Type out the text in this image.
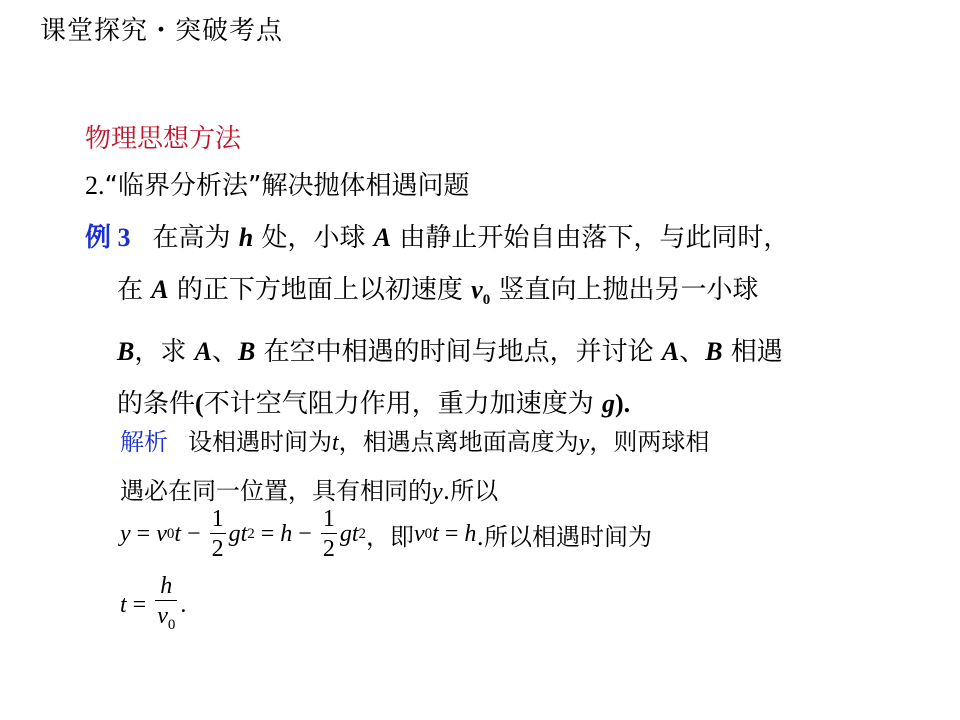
课堂探究・突破考点
物理思想方法
2.“临界分析法”解决抛体相遇问题
例 3 在高为 h 处，小球 A 由静止开始自由落下，与此同时，
在 A 的正下方地面上以初速度 $v_0$ 竖直向上抛出另一小球
B，求 A、B 在空中相遇的时间与地点，并讨论 A、B 相遇
的条件(不计空气阻力作用，重力加速度为 g).
解析 设相遇时间为t，相遇点离地面高度为y，则两球相
遇必在同一位置，具有相同的y.所以
y = v 0 $t - \frac{1}{2}$ g t $2 = h - \frac{1}{2}$ g t 2 ，即 v 0 t = h .所以相遇时间为
$t = \frac{h}{v_0}$ .
